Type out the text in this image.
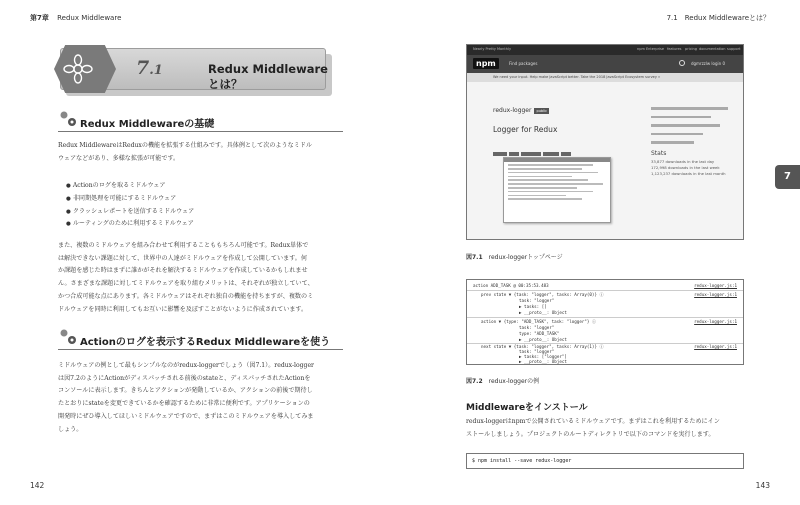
第7章 Redux Middleware
7.1	Redux Middlewareとは？
Redux Middlewareの基礎

Redux MiddlewareはReduxの機能を拡張する仕組みです。具体例として次のようなミドル

ウェアなどがあり、多様な拡張が可能です。

● Actionのログを取るミドルウェア
● 非同期処理を可能にするミドルウェア
● クラッシュレポートを送信するミドルウェア
● ルーティングのために利用するミドルウェア

また、複数のミドルウェアを組み合わせて利用することももちろん可能です。Redux単体で

は解決できない課題に対して、世界中の人達がミドルウェアを作成して公開しています。何

か課題を感じた時はまずに誰かがそれを解決するミドルウェアを作成しているかもしれませ

ん。さまざまな課題に対してミドルウェアを取り組むメリットは、それぞれが独立していて、

かつ合成可能な点にあります。各ミドルウェアはそれぞれ独自の機能を持ちますが、複数のミ

ドルウェアを同時に利用してもお互いに影響を及ぼすことがないように作成されています。

Actionのログを表示するRedux Middlewareを使う

ミドルウェアの例として最もシンプルなのがredux-loggerでしょう（図7.1）。redux-logger

は図7.2のようにActionがディスパッチされる前後のstateと、ディスパッチされたActionを

コンソールに表示します。きちんとアクションが発動しているか、アクションの前後で期待し

たとおりにstateを変更できているかを確認するために非常に便利です。アプリケーションの

開発時にぜひ導入してほしいミドルウェアですので、まずはこのミドルウェアを導入してみま

しょう。

142
7.1　Redux Middlewareとは？
Nearly Pretty Monthly	npm Enterprise features pricing documentation support
npm	Find packages	dgmrzzlw login 0
We need your input. Help make JavaScript better. Take the 2018 JavaScript Ecosystem survey »
redux-logger public
Logger for Redux
Stats
33,877 downloads in the last day
172,998 downloads in the last week
1,123,237 downloads in the last month
図7.1 redux-loggerトップページ
action ADD_TASK @ 00:35:53.483	redux-logger.js:1
prev state ▼ {task: "logger", tasks: Array(0)} ⓘ	redux-logger.js:1
task: "logger"
▶ tasks: []
▶ __proto__: Object
action ▼ {type: "ADD_TASK", task: "logger"} ⓘ	redux-logger.js:1
task: "logger"
type: "ADD_TASK"
▶ __proto__: Object
next state ▼ {task: "logger", tasks: Array(1)} ⓘ	redux-logger.js:1
task: "logger"
▶ tasks: ["logger"]
▶ __proto__: Object
図7.2 redux-loggerの例
Middlewareをインストール

redux-loggerはnpmで公開されているミドルウェアです。まずはこれを利用するためにイン

ストールしましょう。プロジェクトのルートディレクトリで以下のコマンドを実行します。

$ npm install --save redux-logger
143
7
